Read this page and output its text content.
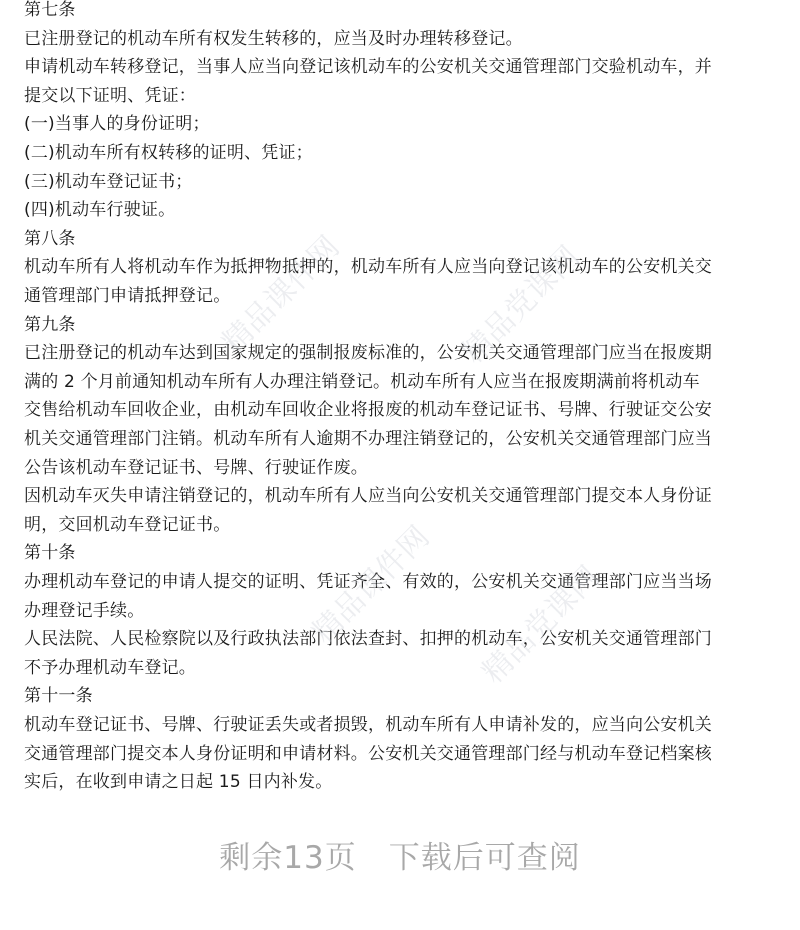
第七条
已注册登记的机动车所有权发生转移的，应当及时办理转移登记。
申请机动车转移登记，当事人应当向登记该机动车的公安机关交通管理部门交验机动车，并
提交以下证明、凭证：
(一)当事人的身份证明；
(二)机动车所有权转移的证明、凭证；
(三)机动车登记证书；
(四)机动车行驶证。
第八条
机动车所有人将机动车作为抵押物抵押的，机动车所有人应当向登记该机动车的公安机关交
通管理部门申请抵押登记。
第九条
已注册登记的机动车达到国家规定的强制报废标准的，公安机关交通管理部门应当在报废期
满的 2 个月前通知机动车所有人办理注销登记。机动车所有人应当在报废期满前将机动车
交售给机动车回收企业，由机动车回收企业将报废的机动车登记证书、号牌、行驶证交公安
机关交通管理部门注销。机动车所有人逾期不办理注销登记的，公安机关交通管理部门应当
公告该机动车登记证书、号牌、行驶证作废。
因机动车灭失申请注销登记的，机动车所有人应当向公安机关交通管理部门提交本人身份证
明，交回机动车登记证书。
第十条
办理机动车登记的申请人提交的证明、凭证齐全、有效的，公安机关交通管理部门应当当场
办理登记手续。
人民法院、人民检察院以及行政执法部门依法查封、扣押的机动车，公安机关交通管理部门
不予办理机动车登记。
第十一条
机动车登记证书、号牌、行驶证丢失或者损毁，机动车所有人申请补发的，应当向公安机关
交通管理部门提交本人身份证明和申请材料。公安机关交通管理部门经与机动车登记档案核
实后，在收到申请之日起 15 日内补发。
精品课件网	精品党课网
精品课件网 精品党课网
剩余13页　下载后可查阅
